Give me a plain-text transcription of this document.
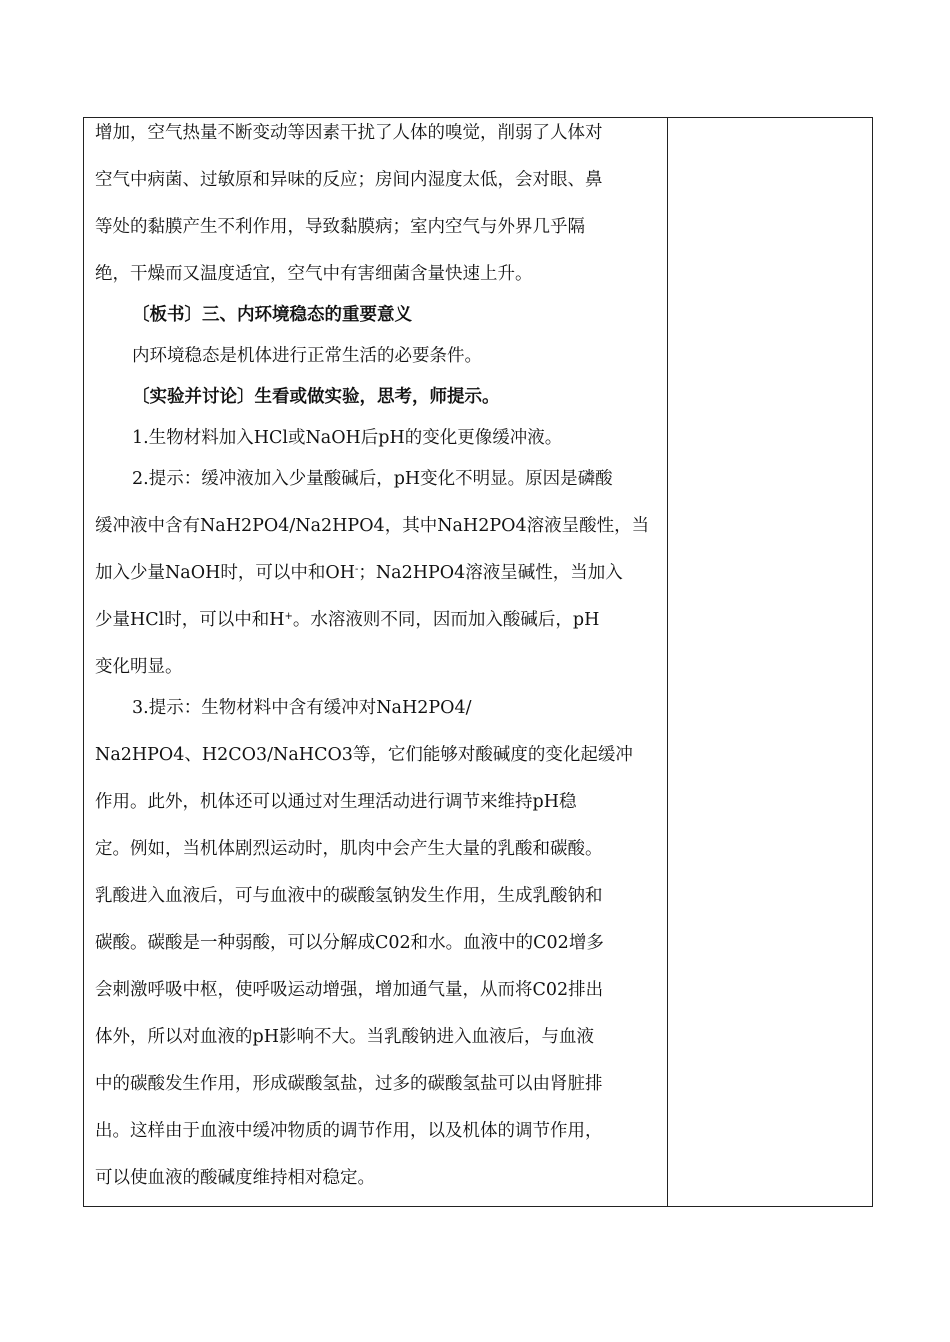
增加，空气热量不断变动等因素干扰了人体的嗅觉，削弱了人体对
空气中病菌、过敏原和异味的反应；房间内湿度太低，会对眼、鼻
等处的黏膜产生不利作用，导致黏膜病；室内空气与外界几乎隔
绝，干燥而又温度适宜，空气中有害细菌含量快速上升。
〔板书〕三、内环境稳态的重要意义
内环境稳态是机体进行正常生活的必要条件。
〔实验并讨论〕生看或做实验，思考，师提示。
1.生物材料加入HCl或NaOH后pH的变化更像缓冲液。
2.提示：缓冲液加入少量酸碱后，pH变化不明显。原因是磷酸
缓冲液中含有NaH2PO4/Na2HPO4，其中NaH2PO4溶液呈酸性，当
加入少量NaOH时，可以中和OH-；Na2HPO4溶液呈碱性，当加入
少量HCl时，可以中和H+。水溶液则不同，因而加入酸碱后，pH
变化明显。
3.提示：生物材料中含有缓冲对NaH2PO4/
Na2HPO4、H2CO3/NaHCO3等，它们能够对酸碱度的变化起缓冲
作用。此外，机体还可以通过对生理活动进行调节来维持pH稳
定。例如，当机体剧烈运动时，肌肉中会产生大量的乳酸和碳酸。
乳酸进入血液后，可与血液中的碳酸氢钠发生作用，生成乳酸钠和
碳酸。碳酸是一种弱酸，可以分解成C02和水。血液中的C02增多
会刺激呼吸中枢，使呼吸运动增强，增加通气量，从而将C02排出
体外，所以对血液的pH影响不大。当乳酸钠进入血液后，与血液
中的碳酸发生作用，形成碳酸氢盐，过多的碳酸氢盐可以由肾脏排
出。这样由于血液中缓冲物质的调节作用，以及机体的调节作用，
可以使血液的酸碱度维持相对稳定。
